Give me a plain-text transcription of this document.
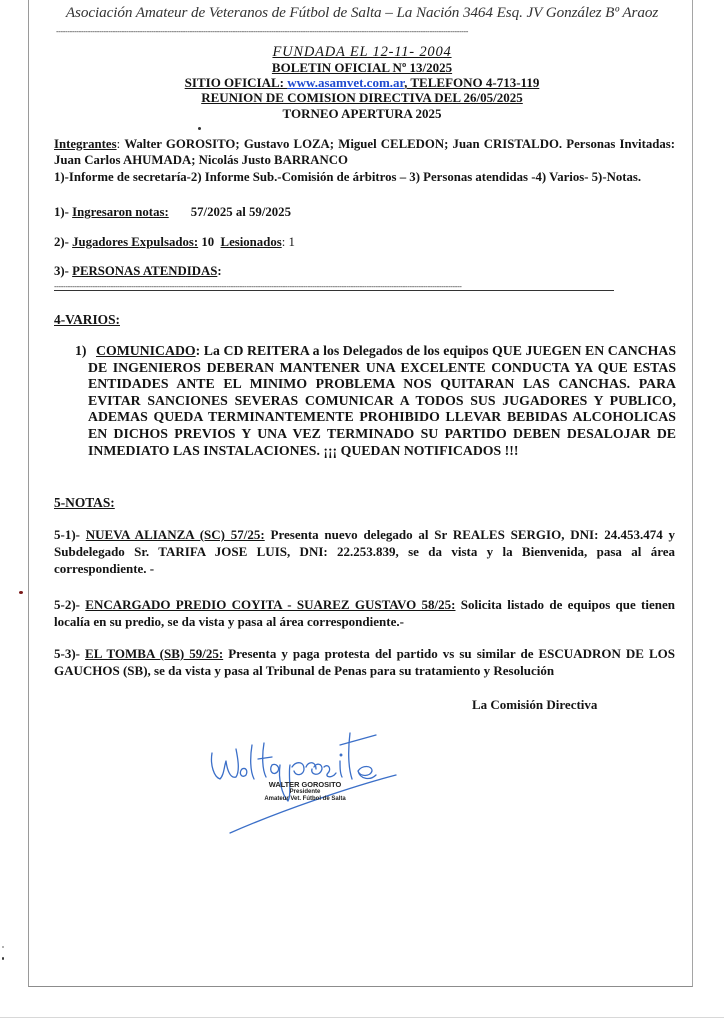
Asociación Amateur de Veteranos de Fútbol de Salta – La Nación 3464 Esq. JV González Bº Araoz
--------------------------------------------------------------------------------------------------------------------------------------------------------------------------------------
FUNDADA EL 12-11- 2004
BOLETIN OFICIAL Nº 13/2025
SITIO OFICIAL: www.asamvet.com.ar, TELEFONO 4-713-119
REUNION DE COMISION DIRECTIVA DEL 26/05/2025
TORNEO APERTURA 2025
Integrantes: Walter GOROSITO; Gustavo LOZA; Miguel CELEDON; Juan CRISTALDO. Personas Invitadas: Juan Carlos AHUMADA; Nicolás Justo BARRANCO
1)-Informe de secretaría-2) Informe Sub.-Comisión de árbitros – 3) Personas atendidas -4) Varios- 5)-Notas.
1)- Ingresaron notas: 57/2025 al 59/2025
2)- Jugadores Expulsados: 10 Lesionados: 1
3)- PERSONAS ATENDIDAS:
------------------------------------------------------------------------------------------------------------------------------------------------------------------------------------
4-VARIOS:
1) COMUNICADO: La CD REITERA a los Delegados de los equipos QUE JUEGEN EN CANCHAS DE INGENIEROS DEBERAN MANTENER UNA EXCELENTE CONDUCTA YA QUE ESTAS ENTIDADES ANTE EL MINIMO PROBLEMA NOS QUITARAN LAS CANCHAS. PARA EVITAR SANCIONES SEVERAS COMUNICAR A TODOS SUS JUGADORES Y PUBLICO, ADEMAS QUEDA TERMINANTEMENTE PROHIBIDO LLEVAR BEBIDAS ALCOHOLICAS EN DICHOS PREVIOS Y UNA VEZ TERMINADO SU PARTIDO DEBEN DESALOJAR DE INMEDIATO LAS INSTALACIONES. ¡¡¡ QUEDAN NOTIFICADOS !!!
5-NOTAS:
5-1)- NUEVA ALIANZA (SC) 57/25: Presenta nuevo delegado al Sr REALES SERGIO, DNI: 24.453.474 y Subdelegado Sr. TARIFA JOSE LUIS, DNI: 22.253.839, se da vista y la Bienvenida, pasa al área correspondiente. -
5-2)- ENCARGADO PREDIO COYITA - SUAREZ GUSTAVO 58/25: Solicita listado de equipos que tienen localía en su predio, se da vista y pasa al área correspondiente.-
5-3)- EL TOMBA (SB) 59/25: Presenta y paga protesta del partido vs su similar de ESCUADRON DE LOS GAUCHOS (SB), se da vista y pasa al Tribunal de Penas para su tratamiento y Resolución
La Comisión Directiva
WALTER GOROSITO
Presidente
Amateur Vet. Fútbol de Salta
